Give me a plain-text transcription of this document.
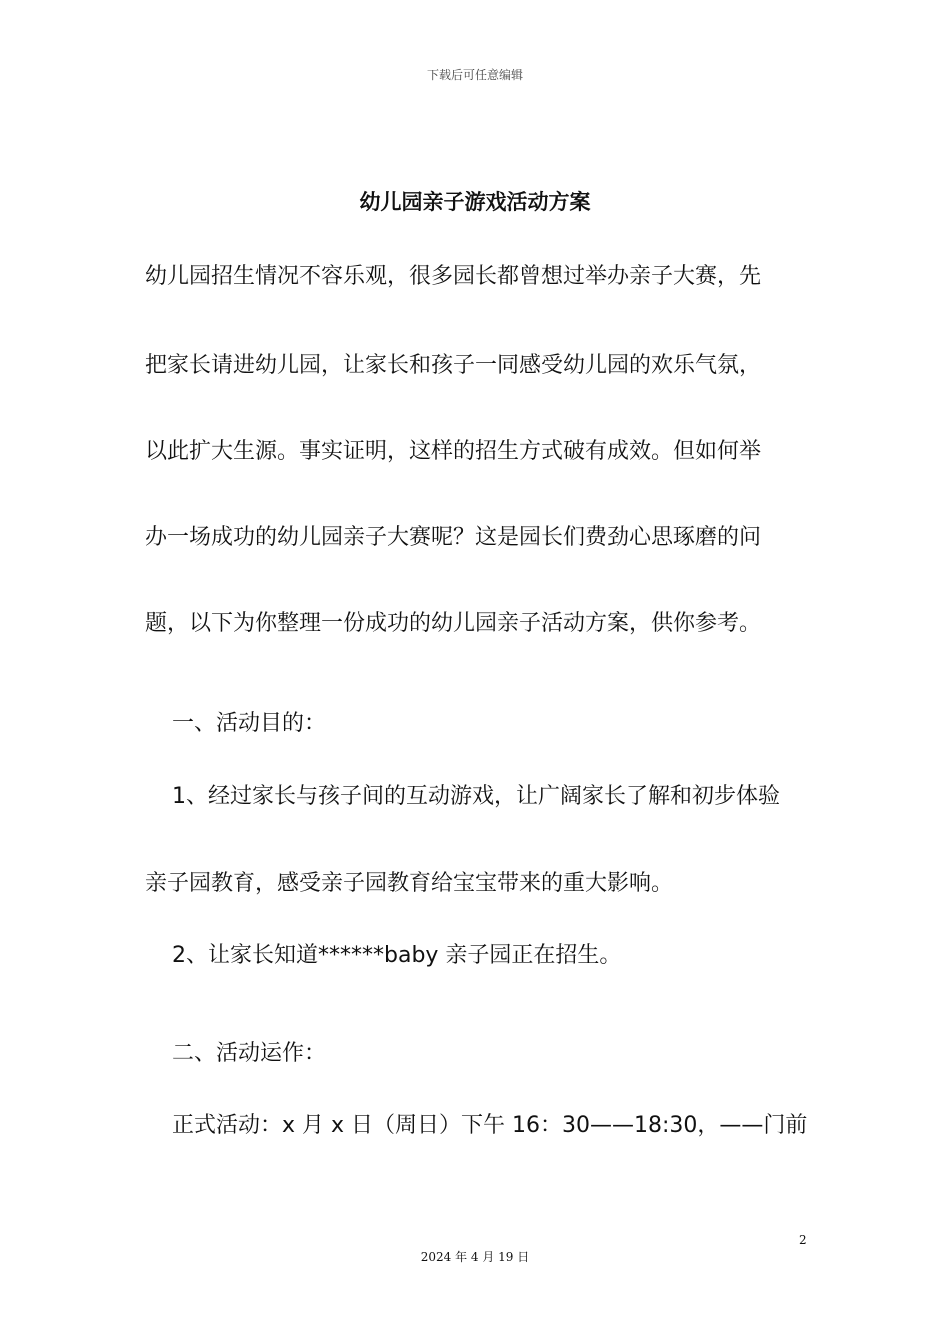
下载后可任意编辑
幼儿园亲子游戏活动方案
幼儿园招生情况不容乐观，很多园长都曾想过举办亲子大赛，先
把家长请进幼儿园，让家长和孩子一同感受幼儿园的欢乐气氛，
以此扩大生源。事实证明，这样的招生方式破有成效。但如何举
办一场成功的幼儿园亲子大赛呢？这是园长们费劲心思琢磨的问
题，以下为你整理一份成功的幼儿园亲子活动方案，供你参考。
一、活动目的：
1、经过家长与孩子间的互动游戏，让广阔家长了解和初步体验
亲子园教育，感受亲子园教育给宝宝带来的重大影响。
2、让家长知道******baby 亲子园正在招生。
二、活动运作：
正式活动：x 月 x 日（周日）下午 16：30——18:30，——门前
2
2024 年 4 月 19 日
